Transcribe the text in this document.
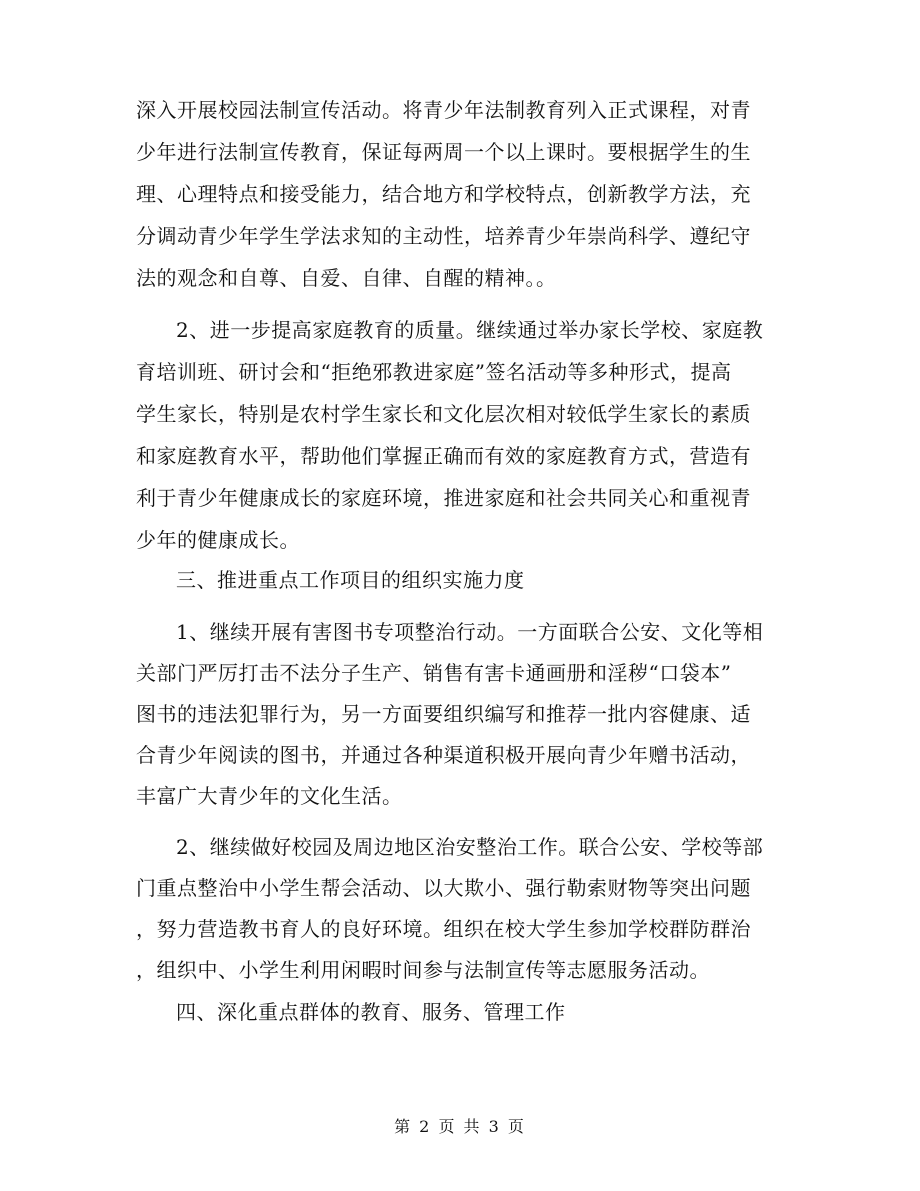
深入开展校园法制宣传活动。将青少年法制教育列入正式课程，对青
少年进行法制宣传教育，保证每两周一个以上课时。要根据学生的生
理、心理特点和接受能力，结合地方和学校特点，创新教学方法，充
分调动青少年学生学法求知的主动性，培养青少年崇尚科学、遵纪守
法的观念和自尊、自爱、自律、自醒的精神。。
2、进一步提高家庭教育的质量。继续通过举办家长学校、家庭教
育培训班、研讨会和“拒绝邪教进家庭”签名活动等多种形式，提高
学生家长，特别是农村学生家长和文化层次相对较低学生家长的素质
和家庭教育水平，帮助他们掌握正确而有效的家庭教育方式，营造有
利于青少年健康成长的家庭环境，推进家庭和社会共同关心和重视青
少年的健康成长。
三、推进重点工作项目的组织实施力度
1、继续开展有害图书专项整治行动。一方面联合公安、文化等相
关部门严厉打击不法分子生产、销售有害卡通画册和淫秽“口袋本”
图书的违法犯罪行为，另一方面要组织编写和推荐一批内容健康、适
合青少年阅读的图书，并通过各种渠道积极开展向青少年赠书活动，
丰富广大青少年的文化生活。
2、继续做好校园及周边地区治安整治工作。联合公安、学校等部
门重点整治中小学生帮会活动、以大欺小、强行勒索财物等突出问题
，努力营造教书育人的良好环境。组织在校大学生参加学校群防群治
，组织中、小学生利用闲暇时间参与法制宣传等志愿服务活动。
四、深化重点群体的教育、服务、管理工作
第 2 页 共 3 页
